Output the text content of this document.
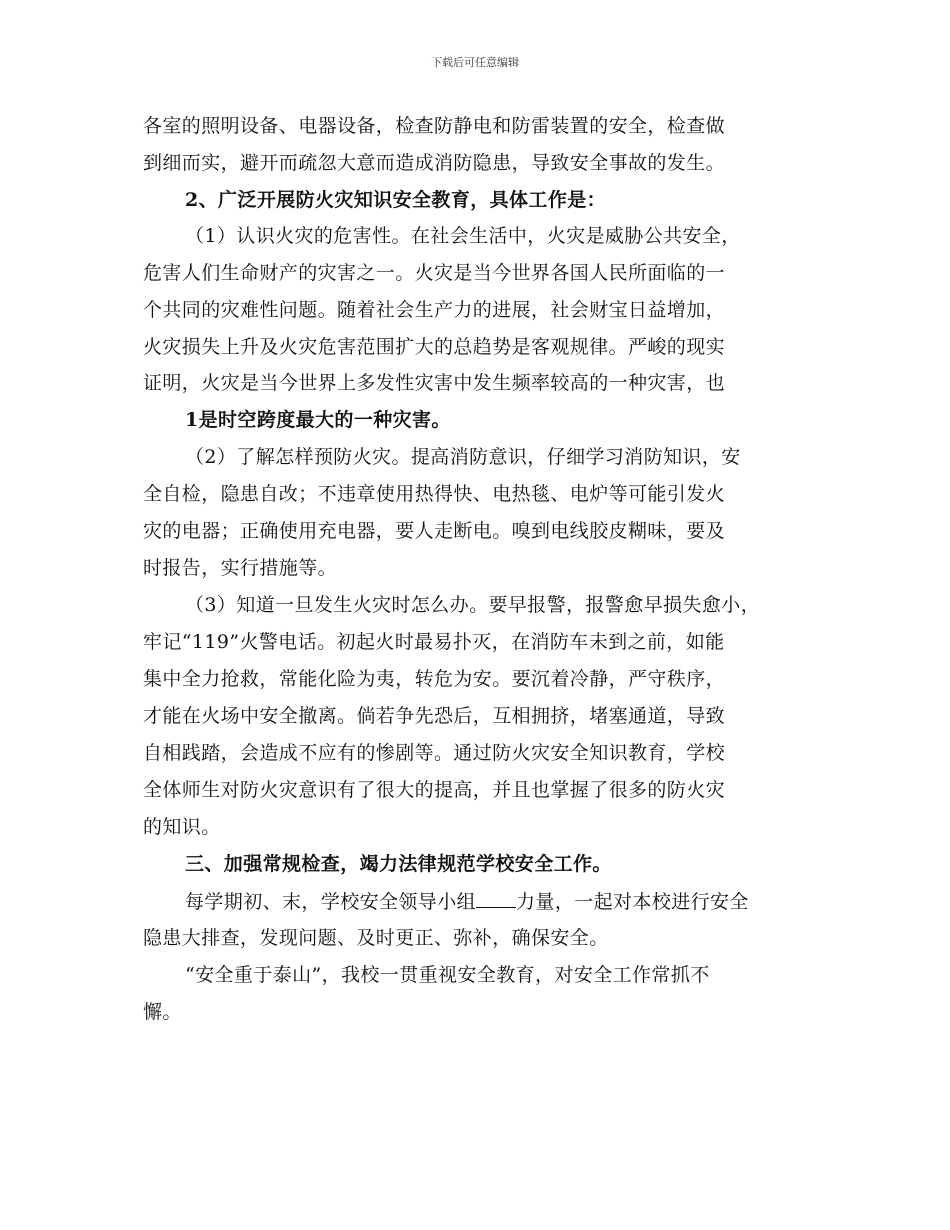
下载后可任意编辑
各室的照明设备、电器设备，检查防静电和防雷装置的安全，检查做
到细而实，避开而疏忽大意而造成消防隐患，导致安全事故的发生。
2、广泛开展防火灾知识安全教育，具体工作是：
（1）认识火灾的危害性。在社会生活中，火灾是威胁公共安全，
危害人们生命财产的灾害之一。火灾是当今世界各国人民所面临的一
个共同的灾难性问题。随着社会生产力的进展，社会财宝日益增加，
火灾损失上升及火灾危害范围扩大的总趋势是客观规律。严峻的现实
证明，火灾是当今世界上多发性灾害中发生频率较高的一种灾害，也
1是时空跨度最大的一种灾害。
（2）了解怎样预防火灾。提高消防意识，仔细学习消防知识，安
全自检，隐患自改；不违章使用热得快、电热毯、电炉等可能引发火
灾的电器；正确使用充电器，要人走断电。嗅到电线胶皮糊味，要及
时报告，实行措施等。
（3）知道一旦发生火灾时怎么办。要早报警，报警愈早损失愈小，
牢记“119”火警电话。初起火时最易扑灭，在消防车未到之前，如能
集中全力抢救，常能化险为夷，转危为安。要沉着冷静，严守秩序，
才能在火场中安全撤离。倘若争先恐后，互相拥挤，堵塞通道，导致
自相践踏，会造成不应有的惨剧等。通过防火灾安全知识教育，学校
全体师生对防火灾意识有了很大的提高，并且也掌握了很多的防火灾
的知识。
三、加强常规检查，竭力法律规范学校安全工作。
每学期初、末，学校安全领导小组 力量，一起对本校进行安全
隐患大排查，发现问题、及时更正、弥补，确保安全。
“安全重于泰山”，我校一贯重视安全教育，对安全工作常抓不
懈。
